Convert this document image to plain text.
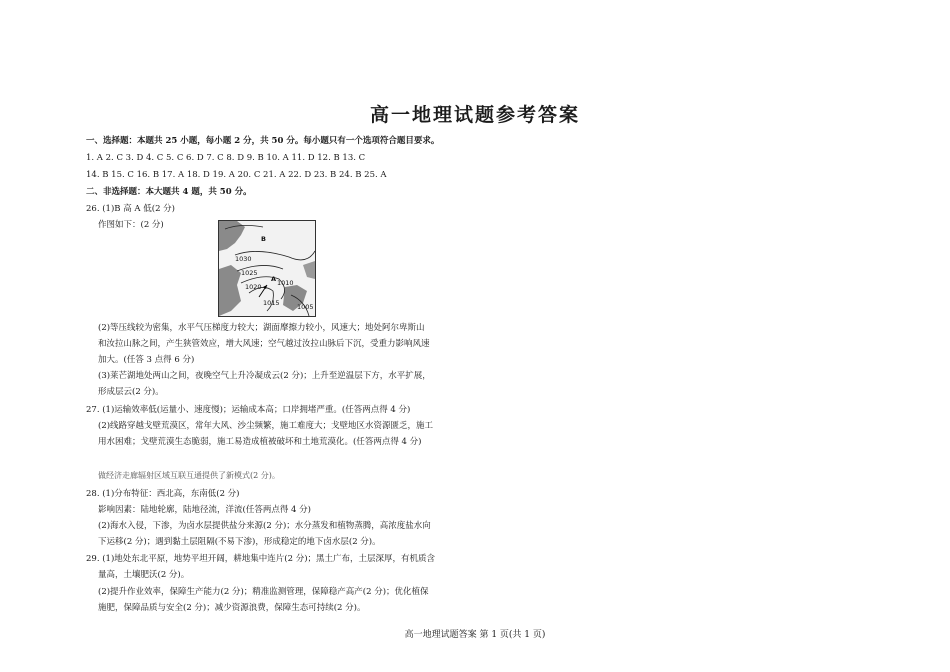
高一地理试题参考答案
一、选择题：本题共 25 小题，每小题 2 分，共 50 分。每小题只有一个选项符合题目要求。
1. A 2. C 3. D 4. C 5. C 6. D 7. C 8. D 9. B 10. A 11. D 12. B 13. C
14. B 15. C 16. B 17. A 18. D 19. A 20. C 21. A 22. D 23. B 24. B 25. A
二、非选择题：本大题共 4 题，共 50 分。
26. (1)B 高 A 低(2 分)
作图如下：(2 分)
1030
1025
1020
1015
1010
1005
A
B
(2)等压线较为密集，水平气压梯度力较大；湖面摩擦力较小，风速大；地处阿尔卑斯山
和汝拉山脉之间，产生狭管效应，增大风速；空气越过汝拉山脉后下沉，受重力影响风速
加大。(任答 3 点得 6 分)
(3)莱芒湖地处两山之间，夜晚空气上升冷凝成云(2 分)；上升至逆温层下方，水平扩展，
形成层云(2 分)。
27. (1)运输效率低(运量小、速度慢)；运输成本高；口岸拥堵严重。(任答两点得 4 分)
(2)线路穿越戈壁荒漠区，常年大风、沙尘频繁，施工难度大；戈壁地区水资源匮乏，施工
用水困难；戈壁荒漠生态脆弱，施工易造成植被破坏和土地荒漠化。(任答两点得 4 分)
做经济走廊辐射区域互联互通提供了新模式(2 分)。
28. (1)分布特征：西北高，东南低(2 分)
影响因素：陆地轮廓，陆地径流，洋流(任答两点得 4 分)
(2)海水入侵，下渗，为卤水层提供盐分来源(2 分)；水分蒸发和植物蒸腾，高浓度盐水向
下运移(2 分)；遇到黏土层阻隔(不易下渗)，形成稳定的地下卤水层(2 分)。
29. (1)地处东北平原，地势平坦开阔，耕地集中连片(2 分)；黑土广布，土层深厚，有机质含
量高，土壤肥沃(2 分)。
(2)提升作业效率，保障生产能力(2 分)；精准监测管理，保障稳产高产(2 分)；优化植保
施肥，保障品质与安全(2 分)；减少资源浪费，保障生态可持续(2 分)。
高一地理试题答案 第 1 页(共 1 页)
